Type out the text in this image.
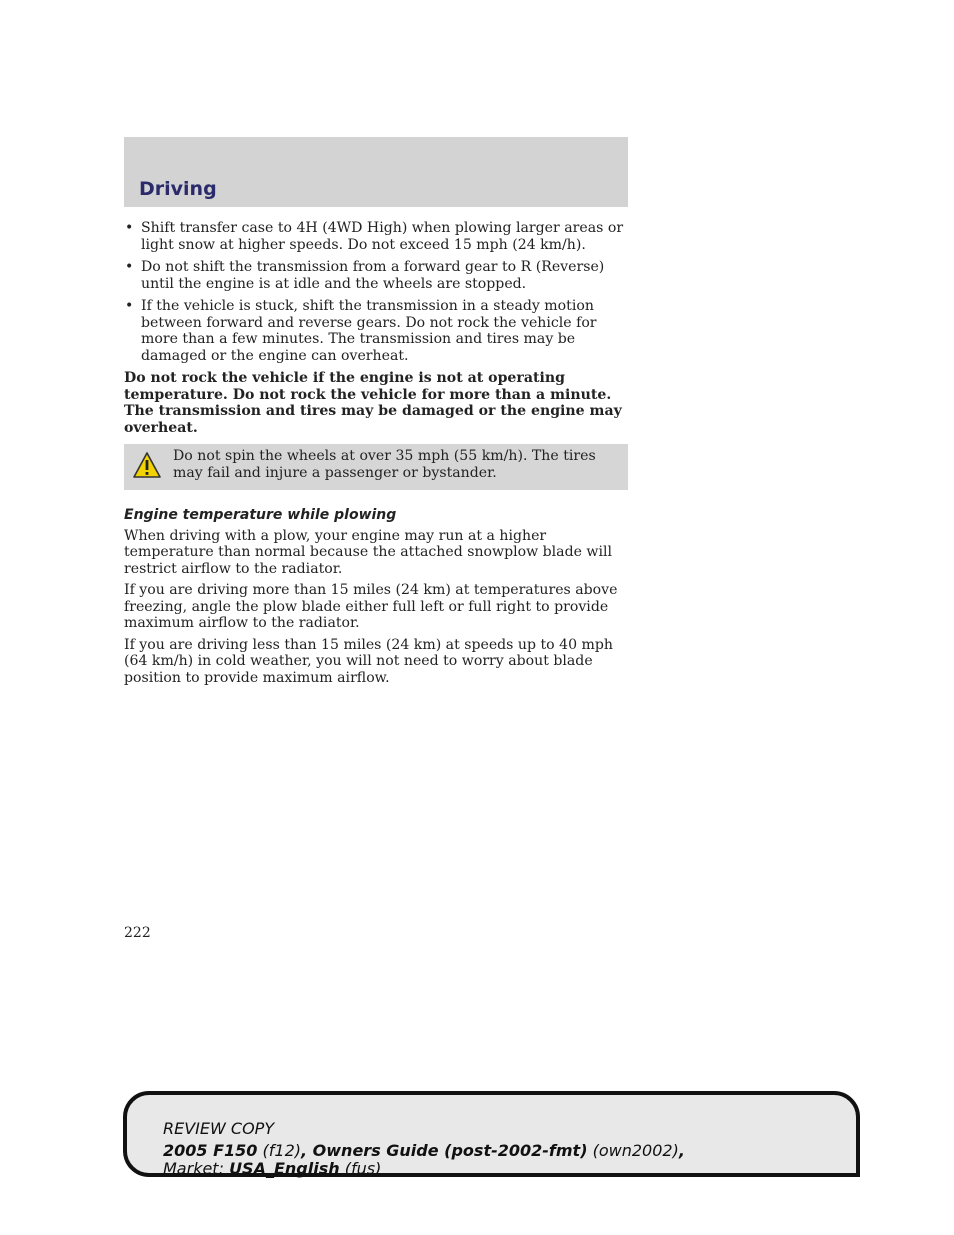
Driving
• Shift transfer case to 4H (4WD High) when plowing larger areas or light snow at higher speeds. Do not exceed 15 mph (24 km/h).
• Do not shift the transmission from a forward gear to R (Reverse) until the engine is at idle and the wheels are stopped.
• If the vehicle is stuck, shift the transmission in a steady motion between forward and reverse gears. Do not rock the vehicle for more than a few minutes. The transmission and tires may be damaged or the engine can overheat.

Do not rock the vehicle if the engine is not at operating temperature. Do not rock the vehicle for more than a minute. The transmission and tires may be damaged or the engine may overheat.

Do not spin the wheels at over 35 mph (55 km/h). The tires may fail and injure a passenger or bystander.
Engine temperature while plowing

When driving with a plow, your engine may run at a higher temperature than normal because the attached snowplow blade will restrict airflow to the radiator.

If you are driving more than 15 miles (24 km) at temperatures above freezing, angle the plow blade either full left or full right to provide maximum airflow to the radiator.

If you are driving less than 15 miles (24 km) at speeds up to 40 mph (64 km/h) in cold weather, you will not need to worry about blade position to provide maximum airflow.

222
REVIEW COPY
2005 F150 (f12), Owners Guide (post-2002-fmt) (own2002),
Market: USA_English (fus)
